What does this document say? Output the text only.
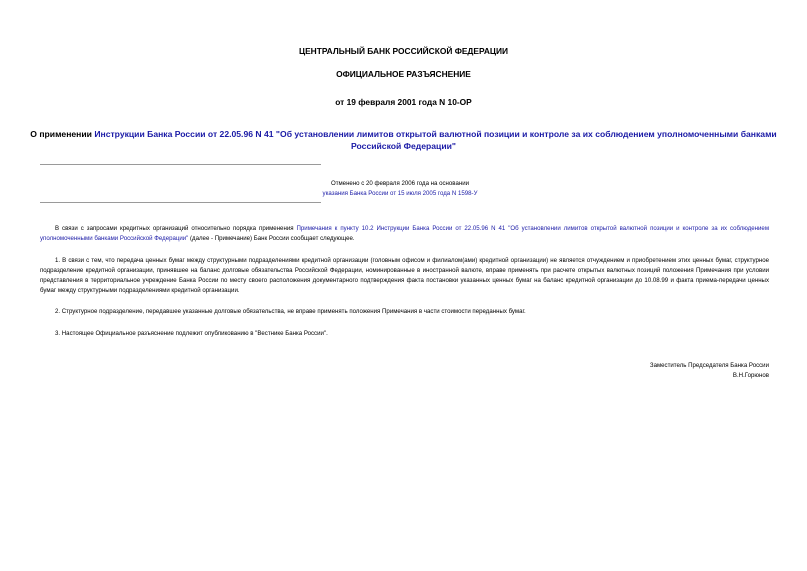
ЦЕНТРАЛЬНЫЙ БАНК РОССИЙСКОЙ ФЕДЕРАЦИИ
ОФИЦИАЛЬНОЕ РАЗЪЯСНЕНИЕ
от 19 февраля 2001 года N 10-ОР
О применении Инструкции Банка России от 22.05.96 N 41 "Об установлении лимитов открытой валютной позиции и контроле за их соблюдением уполномоченными банками Российской Федерации"
Отменено с 20 февраля 2006 года на основании
указания Банка России от 15 июля 2005 года N 1598-У
В связи с запросами кредитных организаций относительно порядка применения Примечания к пункту 10.2 Инструкции Банка России от 22.05.96 N 41 "Об установлении лимитов открытой валютной позиции и контроле за их соблюдением уполномоченными банками Российской Федерации" (далее - Примечание) Банк России сообщает следующее.
1. В связи с тем, что передача ценных бумаг между структурными подразделениями кредитной организации (головным офисом и филиалом(ами) кредитной организации) не является отчуждением и приобретением этих ценных бумаг, структурное подразделение кредитной организации, принявшее на баланс долговые обязательства Российской Федерации, номинированные в иностранной валюте, вправе применять при расчете открытых валютных позиций положения Примечания при условии представления в территориальное учреждение Банка России по месту своего расположения документарного подтверждения факта постановки указанных ценных бумаг на баланс кредитной организации до 10.08.99 и факта приема-передачи ценных бумаг между структурными подразделениями кредитной организации.
2. Структурное подразделение, передавшее указанные долговые обязательства, не вправе применять положения Примечания в части стоимости переданных бумаг.
3. Настоящее Официальное разъяснение подлежит опубликованию в "Вестнике Банка России".
Заместитель Председателя Банка России
В.Н.Горюнов
